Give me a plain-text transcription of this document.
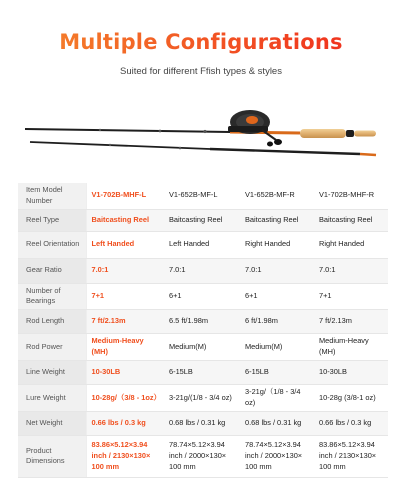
Multiple Configurations
Suited for different Ffish types & styles
Item Model Number	V1-702B-MHF-L	V1-652B-MF-L	V1-652B-MF-R	V1-702B-MHF-R
Reel Type	Baitcasting Reel	Baitcasting Reel	Baitcasting Reel	Baitcasting Reel
Reel Orientation	Left Handed	Left Handed	Right Handed	Right Handed
Gear Ratio	7.0:1	7.0:1	7.0:1	7.0:1
Number of Bearings	7+1	6+1	6+1	7+1
Rod Length	7 ft/2.13m	6.5 ft/1.98m	6 ft/1.98m	7 ft/2.13m
Rod Power	Medium-Heavy (MH)	Medium(M)	Medium(M)	Medium-Heavy (MH)
Line Weight	10-30LB	6-15LB	6-15LB	10-30LB
Lure Weight	10-28g/（3/8 - 1oz）	3-21g/(1/8 - 3/4 oz)	3-21g/（1/8 - 3/4 oz)	10-28g (3/8-1 oz)
Net Weight	0.66 lbs / 0.3 kg	0.68 lbs / 0.31 kg	0.68 lbs / 0.31 kg	0.66 lbs / 0.3 kg
Product Dimensions	83.86×5.12×3.94 inch / 2130×130× 100 mm	78.74×5.12×3.94 inch / 2000×130× 100 mm	78.74×5.12×3.94 inch / 2000×130× 100 mm	83.86×5.12×3.94 inch / 2130×130× 100 mm
